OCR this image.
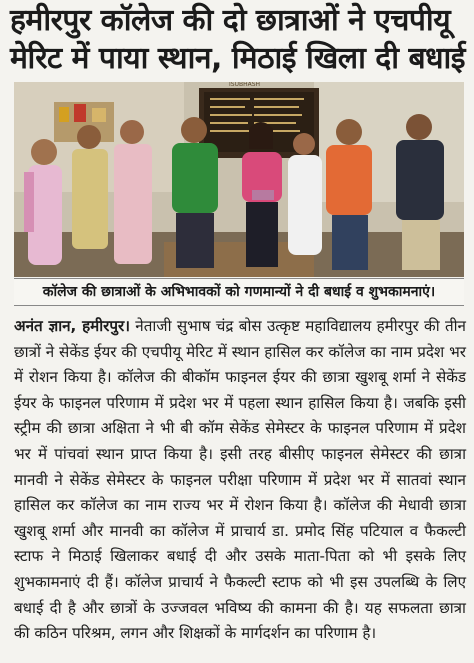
हमीरपुर कॉलेज की दो छात्राओं ने एचपीयू मेरिट में पाया स्थान, मिठाई खिला दी बधाई
ISUBHASH
कॉलेज की छात्राओं के अभिभावकों को गणमान्यों ने दी बधाई व शुभकामनाएं।
अनंत ज्ञान, हमीरपुर। नेताजी सुभाष चंद्र बोस उत्कृष्ट महाविद्यालय हमीरपुर की तीन छात्रों ने सेकेंड ईयर की एचपीयू मेरिट में स्थान हासिल कर कॉलेज का नाम प्रदेश भर में रोशन किया है। कॉलेज की बीकॉम फाइनल ईयर की छात्रा खुशबू शर्मा ने सेकेंड ईयर के फाइनल परिणाम में प्रदेश भर में पहला स्थान हासिल किया है। जबकि इसी स्ट्रीम की छात्रा अक्षिता ने भी बी कॉम सेकेंड सेमेस्टर के फाइनल परिणाम में प्रदेश भर में पांचवां स्थान प्राप्त किया है। इसी तरह बीसीए फाइनल सेमेस्टर की छात्रा मानवी ने सेकेंड सेमेस्टर के फाइनल परीक्षा परिणाम में प्रदेश भर में सातवां स्थान हासिल कर कॉलेज का नाम राज्य भर में रोशन किया है। कॉलेज की मेधावी छात्रा खुशबू शर्मा और मानवी का कॉलेज में प्राचार्य डा. प्रमोद सिंह पटियाल व फैकल्टी स्टाफ ने मिठाई खिलाकर बधाई दी और उसके माता-पिता को भी इसके लिए शुभकामनाएं दी हैं। कॉलेज प्राचार्य ने फैकल्टी स्टाफ को भी इस उपलब्धि के लिए बधाई दी है और छात्रों के उज्जवल भविष्य की कामना की है। यह सफलता छात्रा की कठिन परिश्रम, लगन और शिक्षकों के मार्गदर्शन का परिणाम है।
